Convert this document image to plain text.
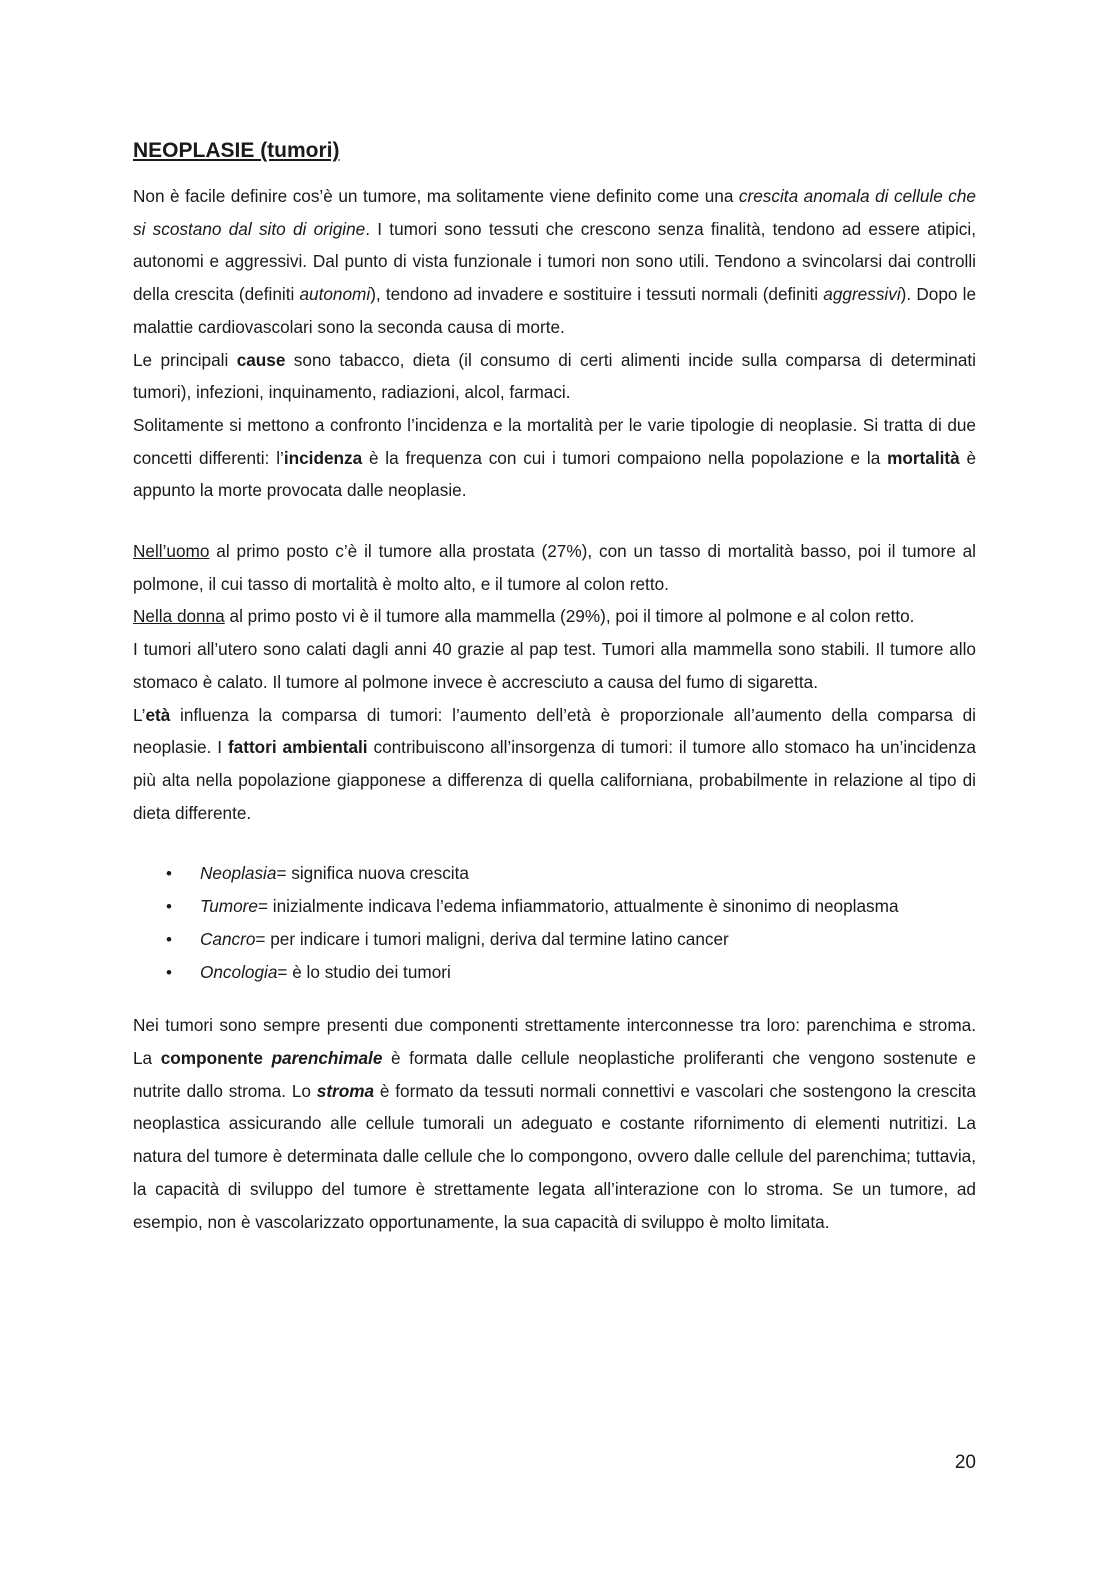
NEOPLASIE (tumori)

Non è facile definire cos’è un tumore, ma solitamente viene definito come una crescita anomala di cellule che si scostano dal sito di origine. I tumori sono tessuti che crescono senza finalità, tendono ad essere atipici, autonomi e aggressivi. Dal punto di vista funzionale i tumori non sono utili. Tendono a svincolarsi dai controlli della crescita (definiti autonomi), tendono ad invadere e sostituire i tessuti normali (definiti aggressivi). Dopo le malattie cardiovascolari sono la seconda causa di morte.

Le principali cause sono tabacco, dieta (il consumo di certi alimenti incide sulla comparsa di determinati tumori), infezioni, inquinamento, radiazioni, alcol, farmaci.

Solitamente si mettono a confronto l’incidenza e la mortalità per le varie tipologie di neoplasie. Si tratta di due concetti differenti: l’incidenza è la frequenza con cui i tumori compaiono nella popolazione e la mortalità è appunto la morte provocata dalle neoplasie.

Nell’uomo al primo posto c’è il tumore alla prostata (27%), con un tasso di mortalità basso, poi il tumore al polmone, il cui tasso di mortalità è molto alto, e il tumore al colon retto.

Nella donna al primo posto vi è il tumore alla mammella (29%), poi il timore al polmone e al colon retto.

I tumori all’utero sono calati dagli anni 40 grazie al pap test. Tumori alla mammella sono stabili. Il tumore allo stomaco è calato. Il tumore al polmone invece è accresciuto a causa del fumo di sigaretta.

L’età influenza la comparsa di tumori: l’aumento dell’età è proporzionale all’aumento della comparsa di neoplasie. I fattori ambientali contribuiscono all’insorgenza di tumori: il tumore allo stomaco ha un’incidenza più alta nella popolazione giapponese a differenza di quella californiana, probabilmente in relazione al tipo di dieta differente.

• Neoplasia= significa nuova crescita
• Tumore= inizialmente indicava l’edema infiammatorio, attualmente è sinonimo di neoplasma
• Cancro= per indicare i tumori maligni, deriva dal termine latino cancer
• Oncologia= è lo studio dei tumori

Nei tumori sono sempre presenti due componenti strettamente interconnesse tra loro: parenchima e stroma. La componente parenchimale è formata dalle cellule neoplastiche proliferanti che vengono sostenute e nutrite dallo stroma. Lo stroma è formato da tessuti normali connettivi e vascolari che sostengono la crescita neoplastica assicurando alle cellule tumorali un adeguato e costante rifornimento di elementi nutritizi. La natura del tumore è determinata dalle cellule che lo compongono, ovvero dalle cellule del parenchima; tuttavia, la capacità di sviluppo del tumore è strettamente legata all’interazione con lo stroma. Se un tumore, ad esempio, non è vascolarizzato opportunamente, la sua capacità di sviluppo è molto limitata.

20
